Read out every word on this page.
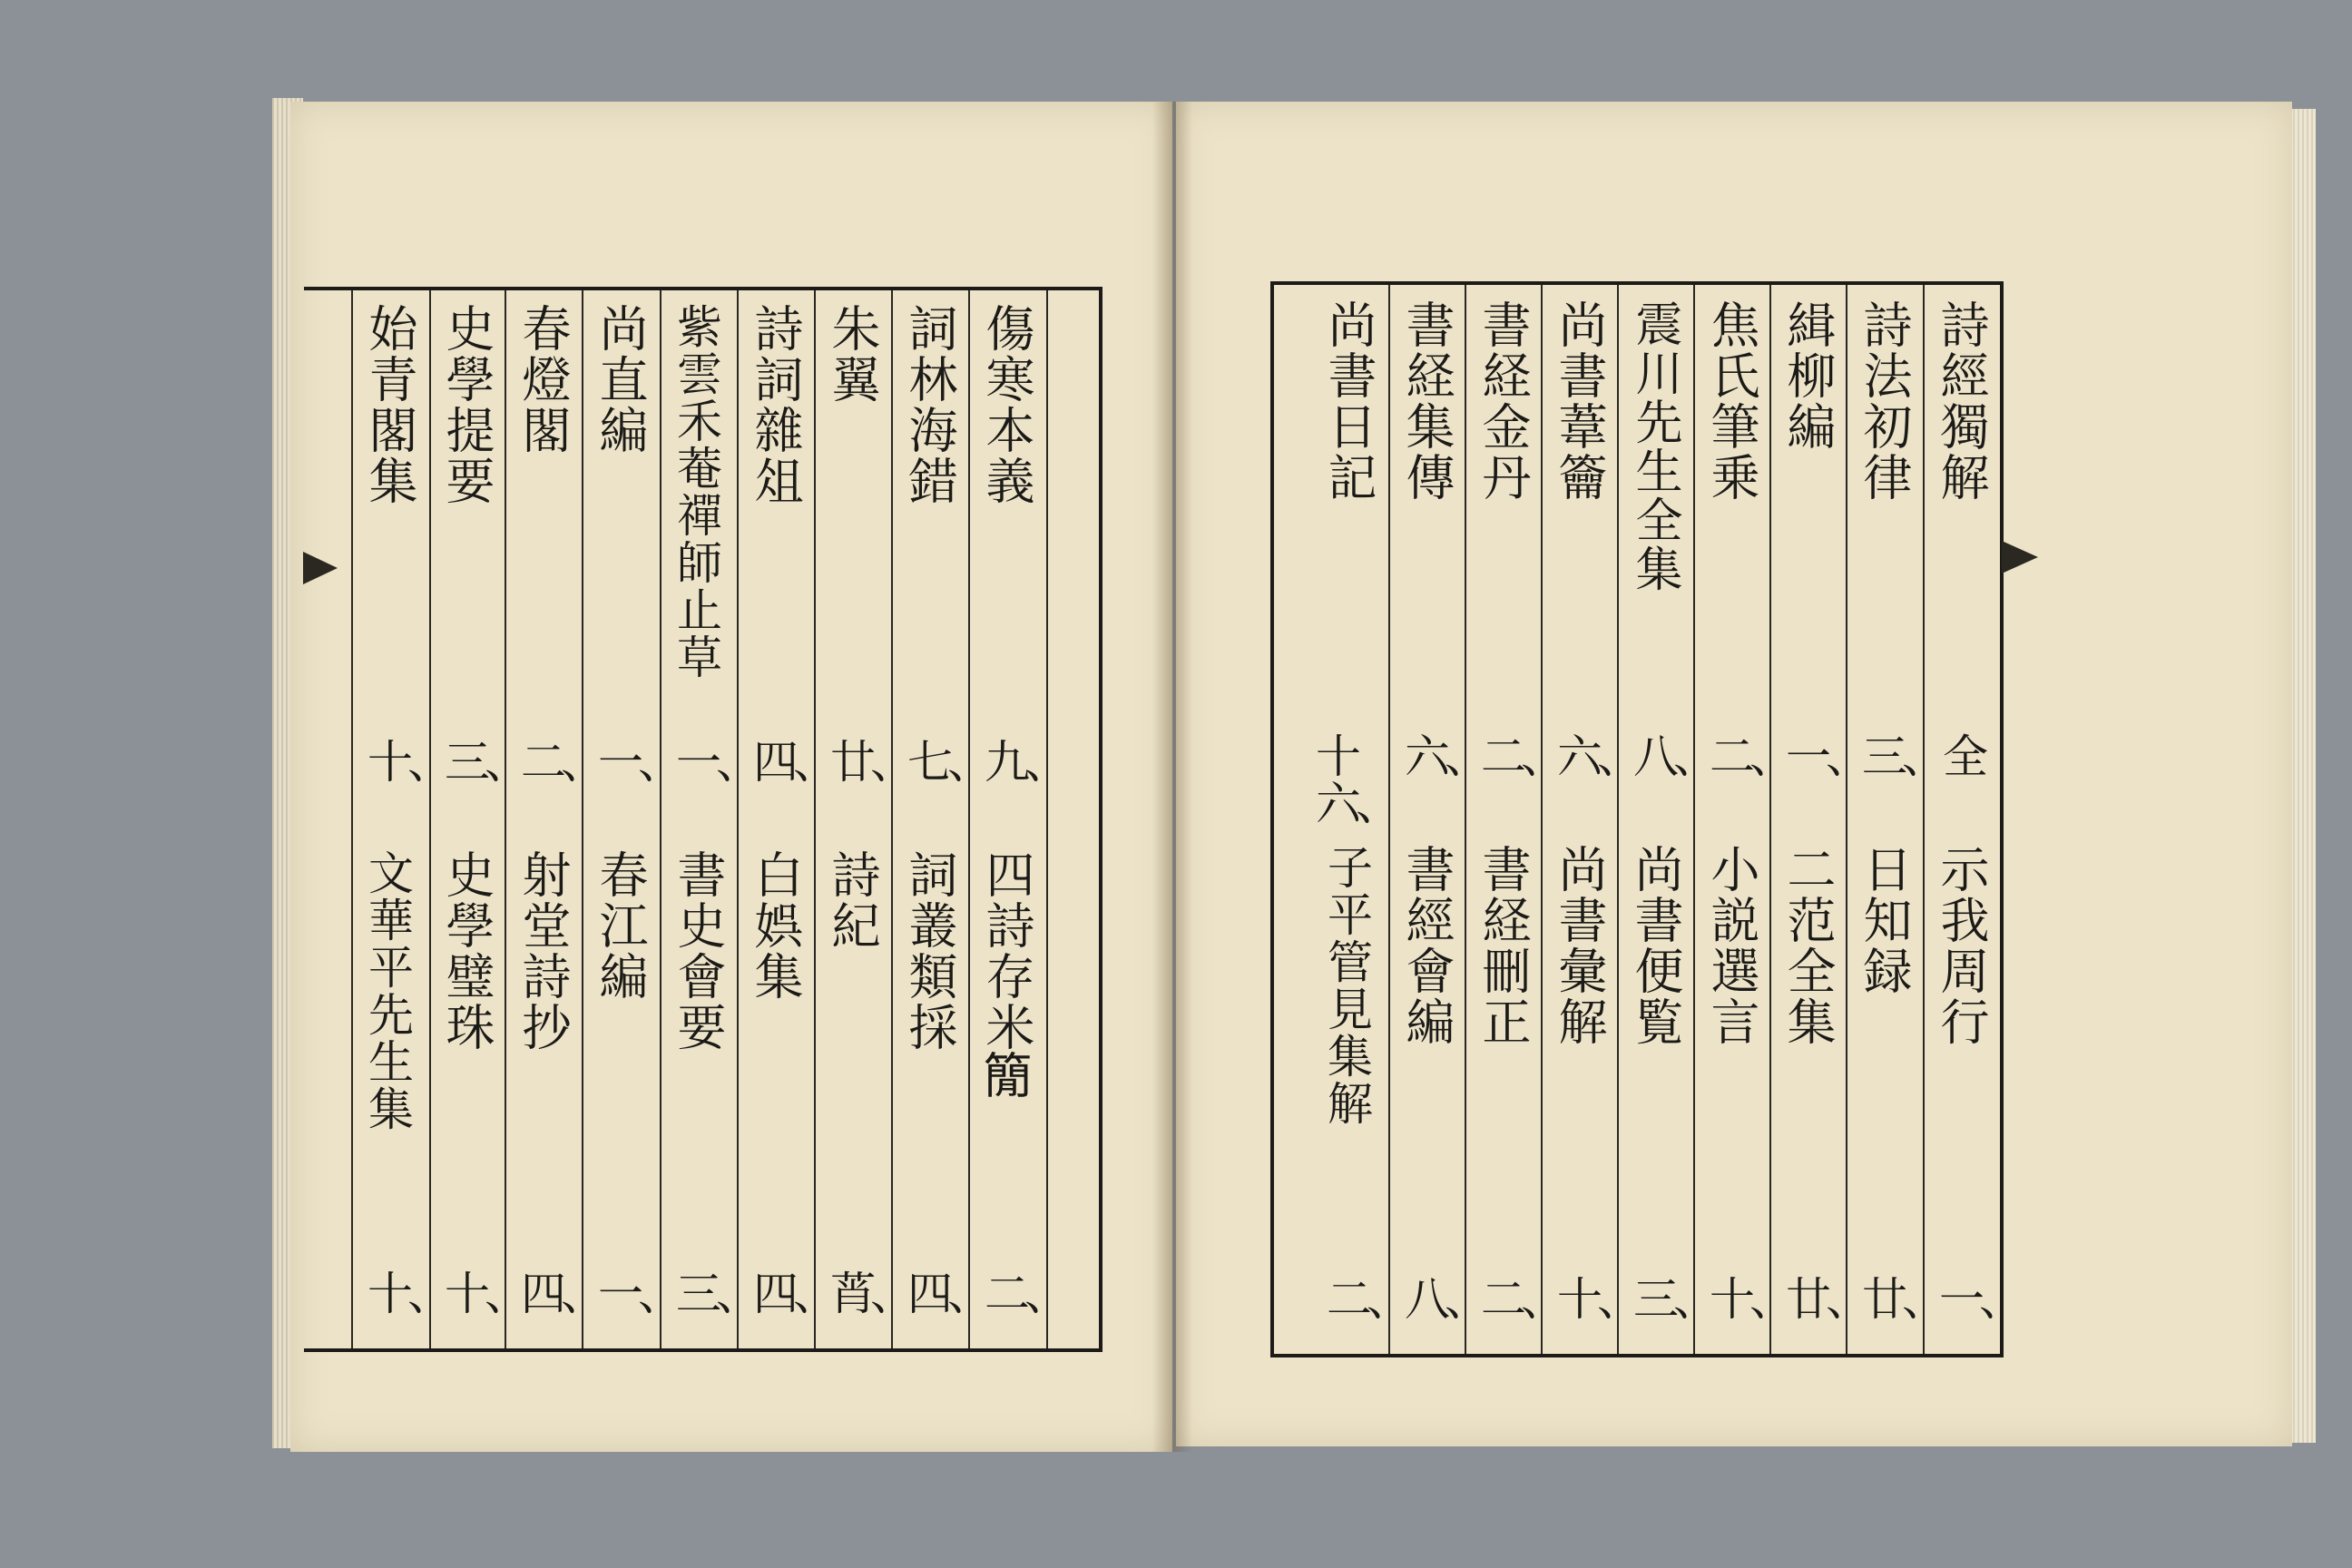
傷寒本義
九、
四詩存米𥳑
二、
詞林海錯
七、
詞叢類採
四、
朱翼
廿、
詩紀
莦、
詩詞雜俎
四、
白娯集
四、
紫雲禾菴禪師止草
一、
書史會要
三、
尚直編
一、
春江編
一、
春燈閣
二、
射堂詩抄
四、
史學提要
三、
史學璧珠
十、
始青閣集
十、
文華平先生集
十、
詩經獨解
全
示我周行
一、
詩法初律
三、
日知録
廿、
緝柳編
一、
二范全集
廿、
焦氏筆乗
二、
小説選言
十、
震川先生全集
八、
尚書便覧
三、
尚書葦籥
六、
尚書彙解
十、
書経金丹
二、
書経刪正
二、
書経集傳
六、
書經會編
八、
尚書日記
十六、
子平管見集解
二、
